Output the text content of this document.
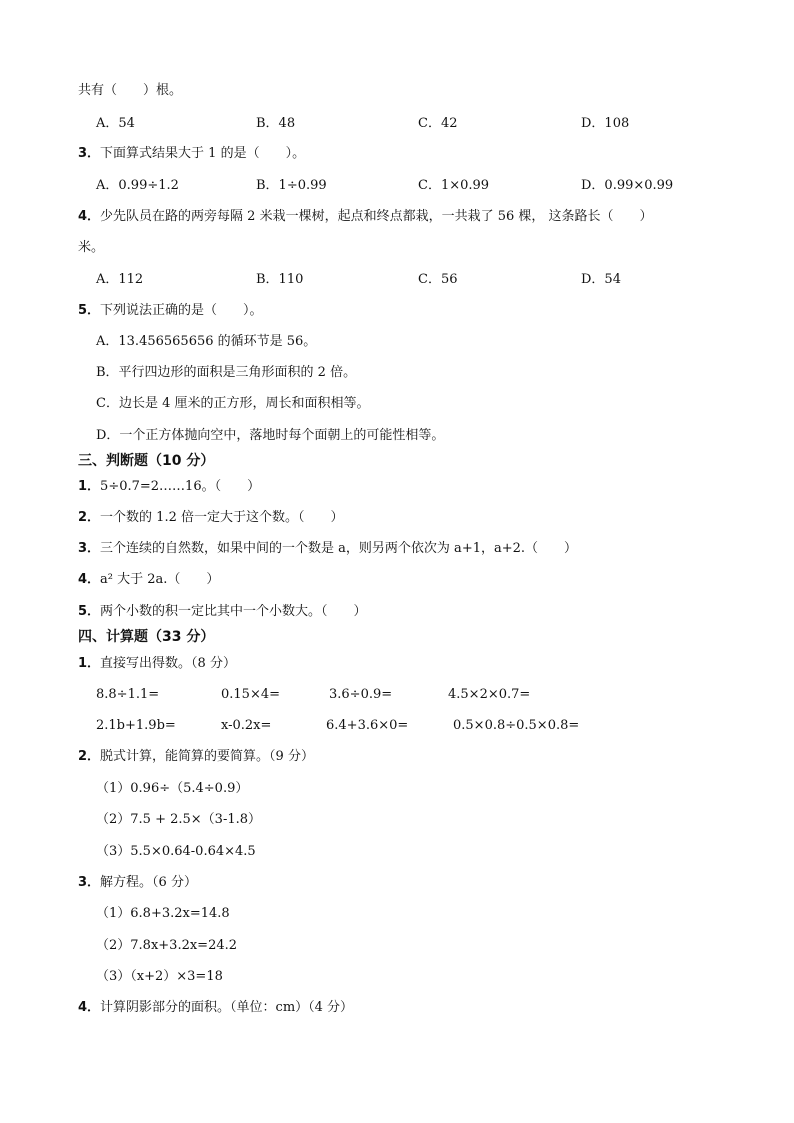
共有（　　）根。
A．54	B．48	C．42	D．108
3．下面算式结果大于 1 的是（　　）。
A．0.99÷1.2	B．1÷0.99	C．1×0.99	D．0.99×0.99
4．少先队员在路的两旁每隔 2 米栽一棵树，起点和终点都栽，一共栽了 56 棵， 这条路长（　　）
米。
A．112	B．110	C．56	D．54
5．下列说法正确的是（　　）。
A．13.456565656 的循环节是 56。
B．平行四边形的面积是三角形面积的 2 倍。
C．边长是 4 厘米的正方形，周长和面积相等。
D．一个正方体抛向空中，落地时每个面朝上的可能性相等。
三、判断题（10 分）
1．5÷0.7=2……16。（　　）
2．一个数的 1.2 倍一定大于这个数。（　　）
3．三个连续的自然数，如果中间的一个数是 a，则另两个依次为 a+1，a+2.（　　）
4．a² 大于 2a.（　　）
5．两个小数的积一定比其中一个小数大。（　　）
四、计算题（33 分）
1．直接写出得数。（8 分）
8.8÷1.1=	0.15×4=	3.6÷0.9=	4.5×2×0.7=
2.1b+1.9b=	x-0.2x=	6.4+3.6×0=	0.5×0.8÷0.5×0.8=
2．脱式计算，能简算的要简算。（9 分）
（1）0.96÷（5.4÷0.9）
（2）7.5 + 2.5×（3-1.8）
（3）5.5×0.64-0.64×4.5
3．解方程。（6 分）
（1）6.8+3.2x=14.8
（2）7.8x+3.2x=24.2
（3）（x+2）×3=18
4．计算阴影部分的面积。（单位：cm）（4 分）
